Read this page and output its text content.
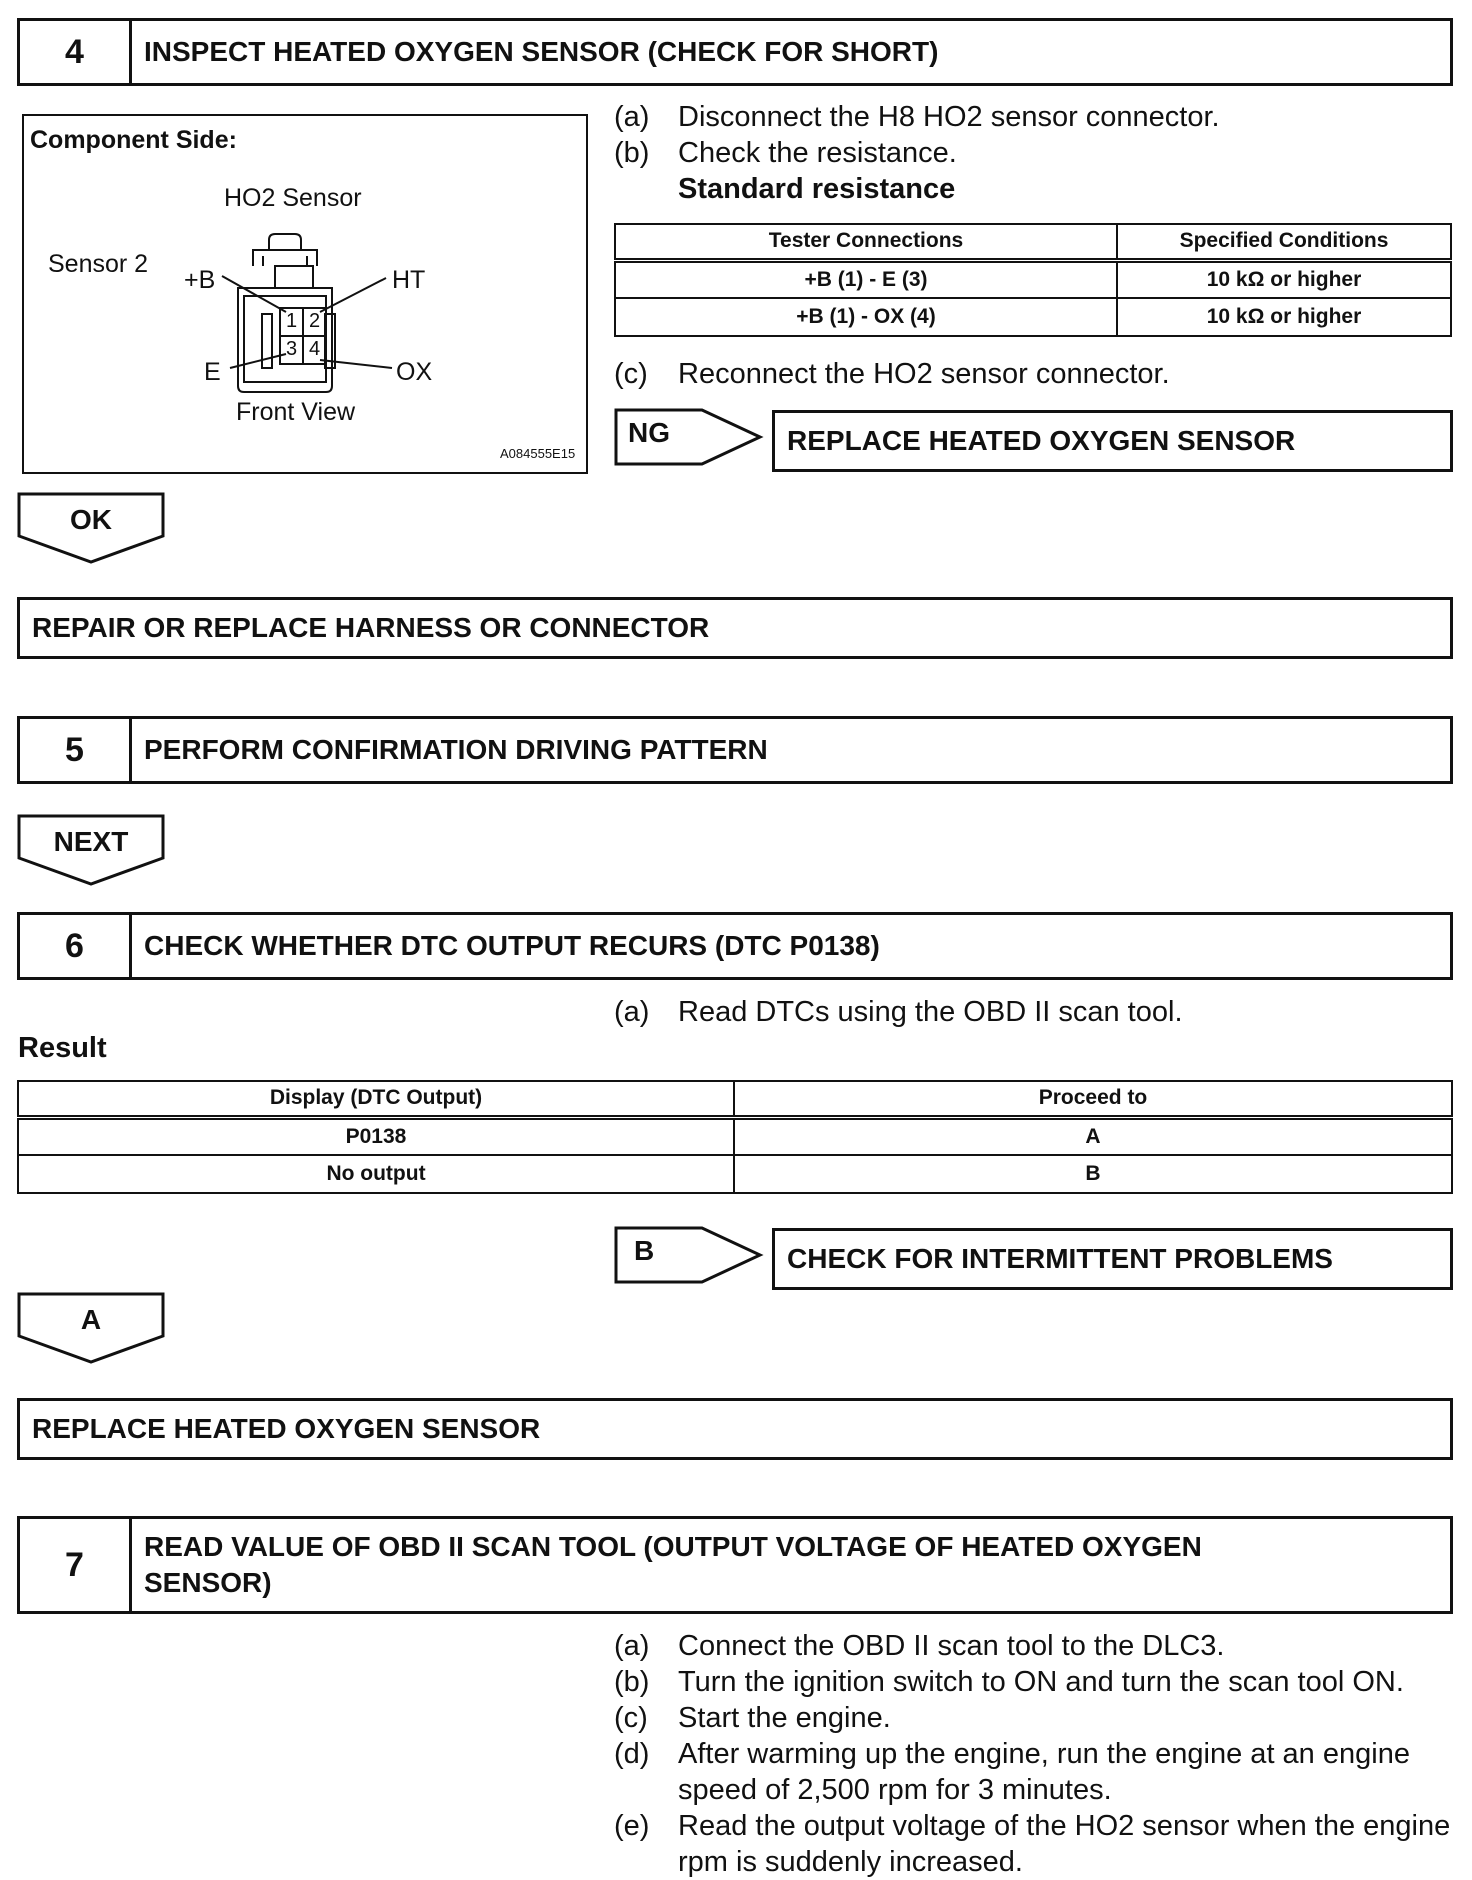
4	INSPECT HEATED OXYGEN SENSOR (CHECK FOR SHORT)
Component Side:
HO2 Sensor
Sensor 2
+B	HT
E	OX
Front View
A084555E15
1 2
3 4
(a) Disconnect the H8 HO2 sensor connector.
(b) Check the resistance.
Standard resistance
Tester Connections	Specified Conditions
+B (1) - E (3)	10 kΩ or higher
+B (1) - OX (4)	10 kΩ or higher
(c)	Reconnect the HO2 sensor connector.
NG	REPLACE HEATED OXYGEN SENSOR
OK
REPAIR OR REPLACE HARNESS OR CONNECTOR
5	PERFORM CONFIRMATION DRIVING PATTERN
NEXT
6	CHECK WHETHER DTC OUTPUT RECURS (DTC P0138)
(a) Read DTCs using the OBD II scan tool.
Result
Display (DTC Output)	Proceed to
P0138	A
No output	B
B	CHECK FOR INTERMITTENT PROBLEMS
A
REPLACE HEATED OXYGEN SENSOR
7	READ VALUE OF OBD II SCAN TOOL (OUTPUT VOLTAGE OF HEATED OXYGEN
SENSOR)
(a) Connect the OBD II scan tool to the DLC3.
(b) Turn the ignition switch to ON and turn the scan tool ON.
(c)	Start the engine.
(d) After warming up the engine, run the engine at an engine speed of 2,500 rpm for 3 minutes.
(e) Read the output voltage of the HO2 sensor when the engine rpm is suddenly increased.
